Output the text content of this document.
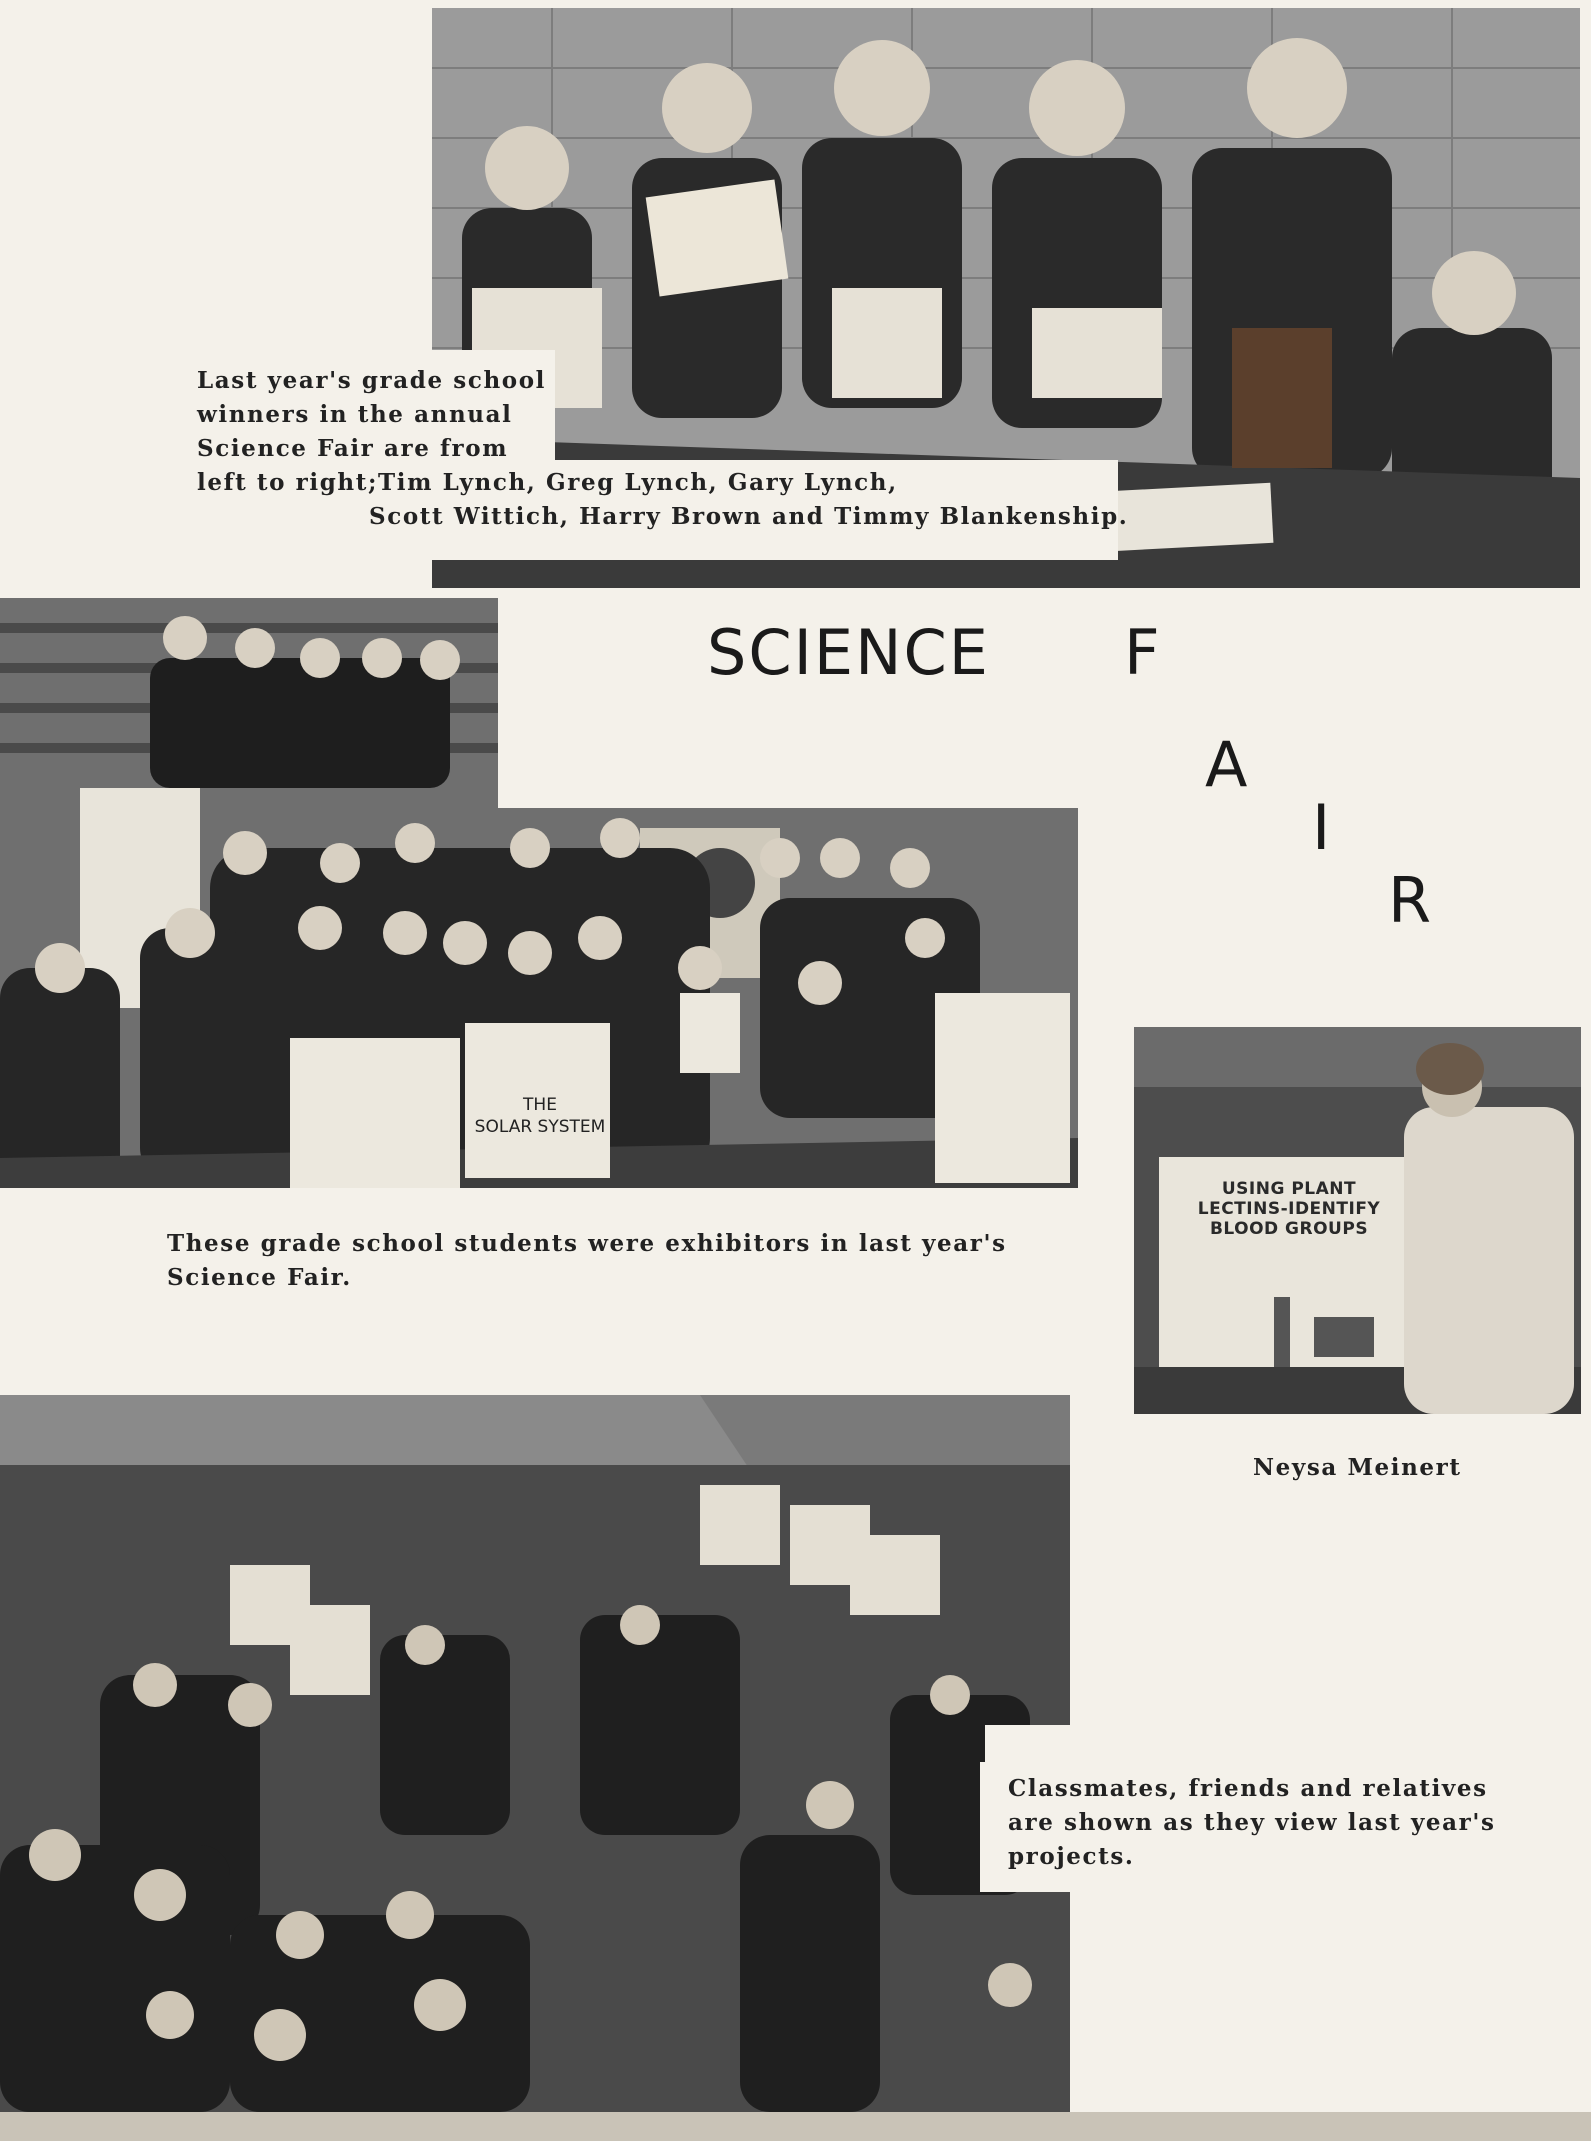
Last year's grade school
winners in the annual
Science Fair are from
left to right;Tim Lynch, Greg Lynch, Gary Lynch,
Scott Wittich, Harry Brown and Timmy Blankenship.
SCIENCE F
A
I
R
THE
SOLAR SYSTEM
These grade school students were exhibitors in last year's
Science Fair.
USING PLANT
LECTINS-IDENTIFY
BLOOD GROUPS
Neysa Meinert
Classmates, friends and relatives
are shown as they view last year's
projects.
